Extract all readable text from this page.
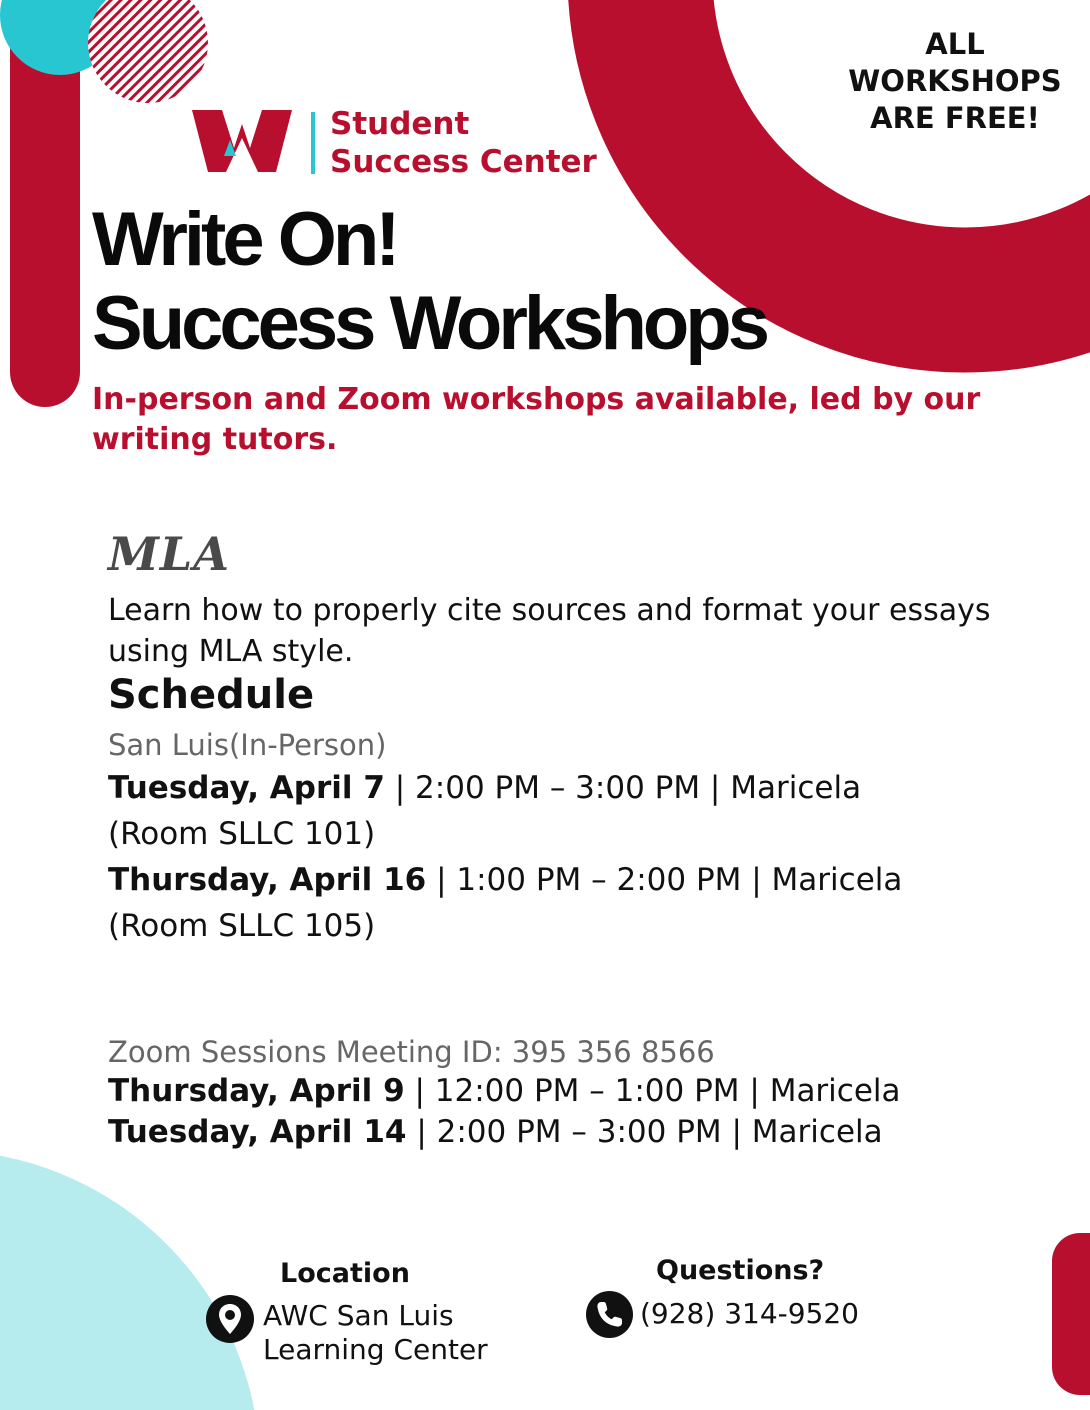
Student
Success Center
ALL
WORKSHOPS
ARE FREE!
Write On!
Success Workshops
In-person and Zoom workshops available, led by our
writing tutors.
MLA
Learn how to properly cite sources and format your essays
using MLA style.
Schedule
San Luis(In-Person)
Tuesday, April 7 | 2:00 PM – 3:00 PM | Maricela
(Room SLLC 101)
Thursday, April 16 | 1:00 PM – 2:00 PM | Maricela
(Room SLLC 105)
Zoom Sessions Meeting ID: 395 356 8566
Thursday, April 9 | 12:00 PM – 1:00 PM | Maricela
Tuesday, April 14 | 2:00 PM – 3:00 PM | Maricela
Location
AWC San Luis
Learning Center
Questions?
(928) 314-9520
